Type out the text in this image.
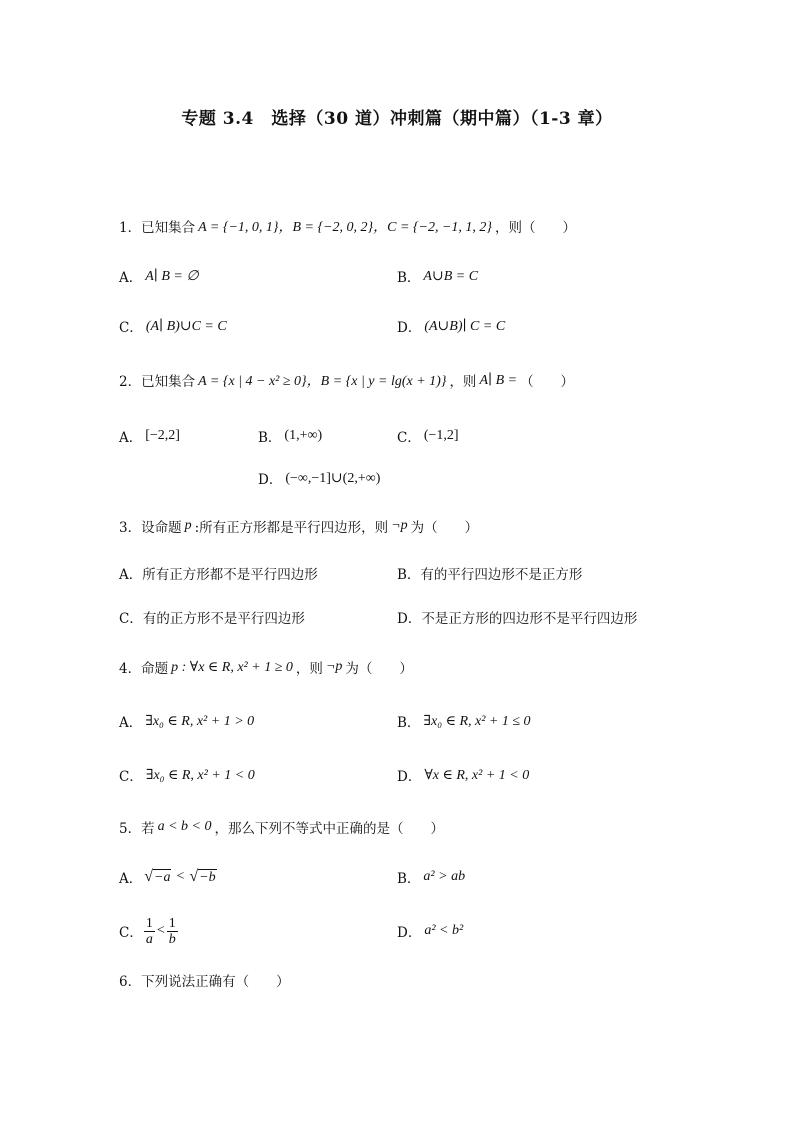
专题 3.4　选择（30 道）冲刺篇（期中篇）（1-3 章）
1．已知集合 A = {−1, 0, 1}，B = {−2, 0, 2}，C = {−2, −1, 1, 2} ，则（　　）
A． A∣ B = ∅	B． A∪B = C
C． (A∣ B)∪C = C	D． (A∪B)∣ C = C
2．已知集合 A = {x | 4 − x² ≥ 0}，B = {x | y = lg(x + 1)} ，则 A∣ B = （　　）
A． [−2,2]	B． (1,+∞)	C． (−1,2]
D． (−∞,−1]∪(2,+∞)
3．设命题 p :所有正方形都是平行四边形，则 ¬p 为（　　）
A．所有正方形都不是平行四边形	B．有的平行四边形不是正方形
C．有的正方形不是平行四边形	D．不是正方形的四边形不是平行四边形
4．命题 p : ∀x ∈ R, x² + 1 ≥ 0 ，则 ¬p 为（　　）
A． ∃x₀ ∈ R, x² + 1 > 0	B． ∃x₀ ∈ R, x² + 1 ≤ 0
C． ∃x₀ ∈ R, x² + 1 < 0	D． ∀x ∈ R, x² + 1 < 0
5．若 a < b < 0 ，那么下列不等式中正确的是（　　）
A． √ −a < √ −b	B． a² > ab
C． $\frac{1}{a} < \frac{1}{b}$	D． a² < b²
6．下列说法正确有（　　）
